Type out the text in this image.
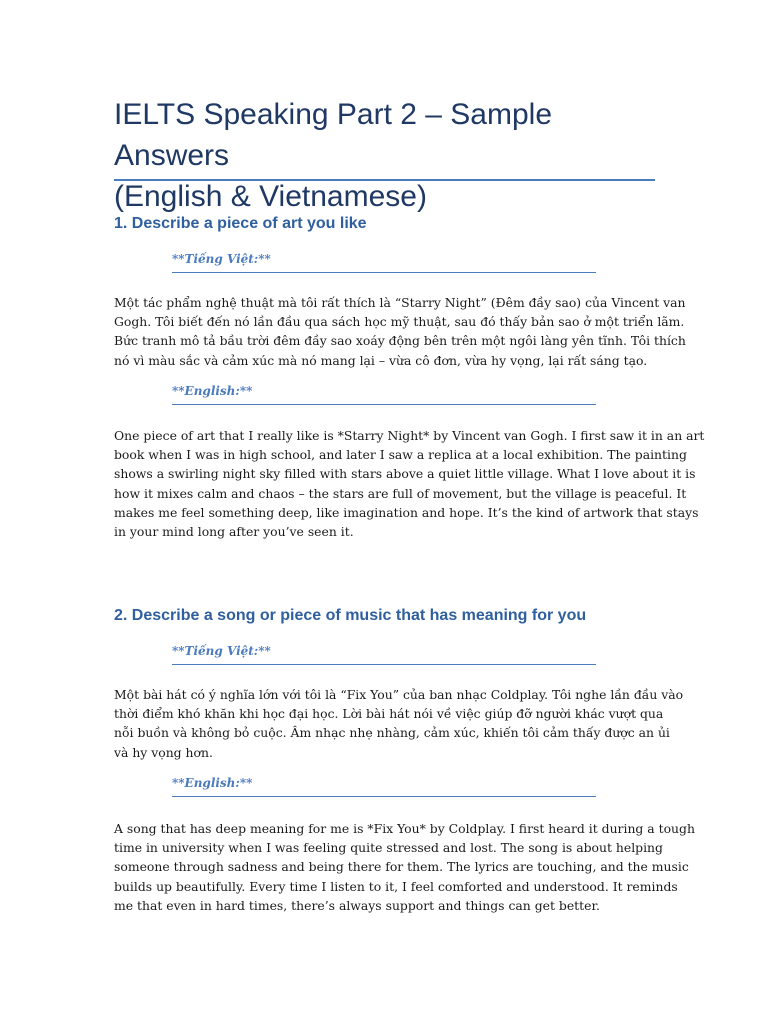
IELTS Speaking Part 2 – Sample Answers
(English & Vietnamese)
1. Describe a piece of art you like
**Tiếng Việt:**

Một tác phẩm nghệ thuật mà tôi rất thích là “Starry Night” (Đêm đầy sao) của Vincent van
Gogh. Tôi biết đến nó lần đầu qua sách học mỹ thuật, sau đó thấy bản sao ở một triển lãm.
Bức tranh mô tả bầu trời đêm đầy sao xoáy động bên trên một ngôi làng yên tĩnh. Tôi thích
nó vì màu sắc và cảm xúc mà nó mang lại – vừa cô đơn, vừa hy vọng, lại rất sáng tạo.

**English:**

One piece of art that I really like is *Starry Night* by Vincent van Gogh. I first saw it in an art
book when I was in high school, and later I saw a replica at a local exhibition. The painting
shows a swirling night sky filled with stars above a quiet little village. What I love about it is
how it mixes calm and chaos – the stars are full of movement, but the village is peaceful. It
makes me feel something deep, like imagination and hope. It’s the kind of artwork that stays
in your mind long after you’ve seen it.

2. Describe a song or piece of music that has meaning for you
**Tiếng Việt:**

Một bài hát có ý nghĩa lớn với tôi là “Fix You” của ban nhạc Coldplay. Tôi nghe lần đầu vào
thời điểm khó khăn khi học đại học. Lời bài hát nói về việc giúp đỡ người khác vượt qua
nỗi buồn và không bỏ cuộc. Âm nhạc nhẹ nhàng, cảm xúc, khiến tôi cảm thấy được an ủi
và hy vọng hơn.

**English:**

A song that has deep meaning for me is *Fix You* by Coldplay. I first heard it during a tough
time in university when I was feeling quite stressed and lost. The song is about helping
someone through sadness and being there for them. The lyrics are touching, and the music
builds up beautifully. Every time I listen to it, I feel comforted and understood. It reminds
me that even in hard times, there’s always support and things can get better.
